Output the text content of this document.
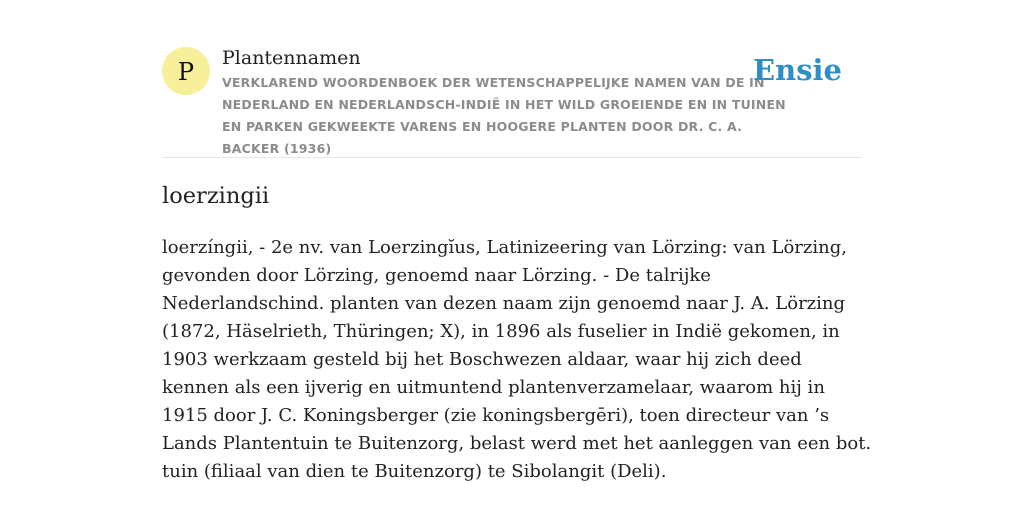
P Plantennamen
VERKLAREND WOORDENBOEK DER WETENSCHAPPELIJKE NAMEN VAN DE IN NEDERLAND EN NEDERLANDSCH-INDIË IN HET WILD GROEIENDE EN IN TUINEN EN PARKEN GEKWEEKTE VARENS EN HOOGERE PLANTEN DOOR DR. C. A. BACKER (1936)
Ensie
loerzingii

loerzíngii, - 2e nv. van Loerzingĭus, Latinizeering van Lörzing: van Lörzing, gevonden door Lörzing, genoemd naar Lörzing. - De talrijke Nederlandschind. planten van dezen naam zijn genoemd naar J. A. Lörzing (1872, Häselrieth, Thüringen; X), in 1896 als fuselier in Indië gekomen, in 1903 werkzaam gesteld bij het Boschwezen aldaar, waar hij zich deed kennen als een ijverig en uitmuntend plantenverzamelaar, waarom hij in 1915 door J. C. Koningsberger (zie koningsbergēri), toen directeur van ’s Lands Plantentuin te Buitenzorg, belast werd met het aanleggen van een bot. tuin (filiaal van dien te Buitenzorg) te Sibolangit (Deli).
